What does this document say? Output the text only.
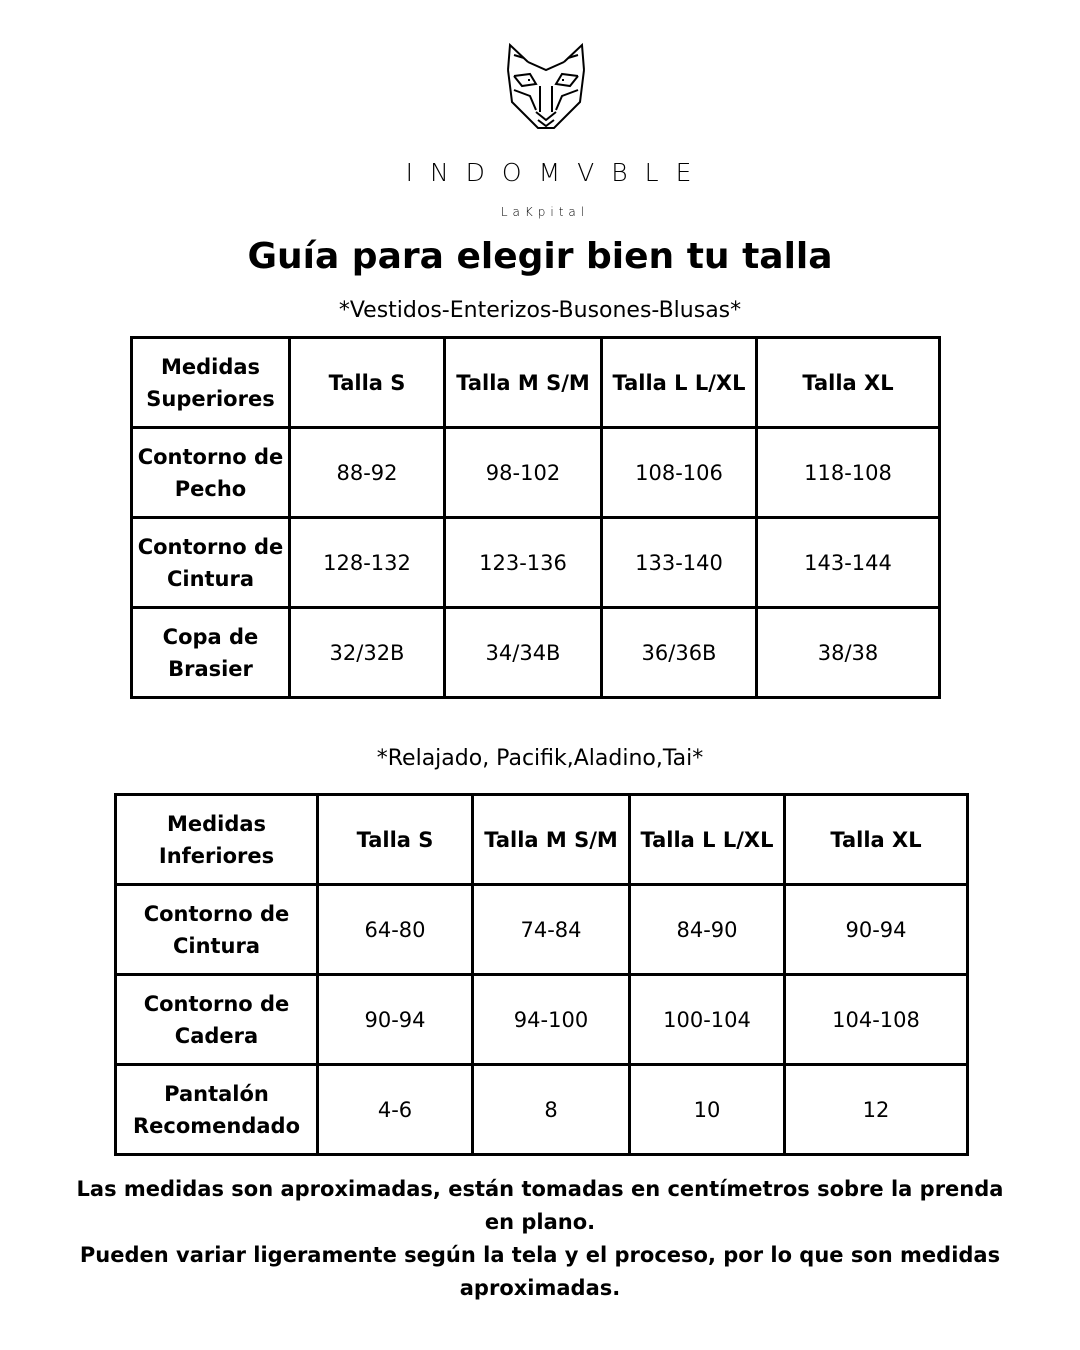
INDOMVBLE
LaKpital
Guía para elegir bien tu talla
*Vestidos-Enterizos-Busones-Blusas*
Medidas Superiores	Talla S	Talla M S/M	Talla L L/XL	Talla XL
Contorno de Pecho	88-92	98-102	108-106	118-108
Contorno de Cintura	128-132	123-136	133-140	143-144
Copa de Brasier	32/32B	34/34B	36/36B	38/38
*Relajado, Pacifik,Aladino,Tai*
Medidas Inferiores	Talla S	Talla M S/M	Talla L L/XL	Talla XL
Contorno de Cintura	64-80	74-84	84-90	90-94
Contorno de Cadera	90-94	94-100	100-104	104-108
Pantalón Recomendado	4-6	8	10	12
Las medidas son aproximadas, están tomadas en centímetros sobre la prenda en plano.
Pueden variar ligeramente según la tela y el proceso, por lo que son medidas aproximadas.
